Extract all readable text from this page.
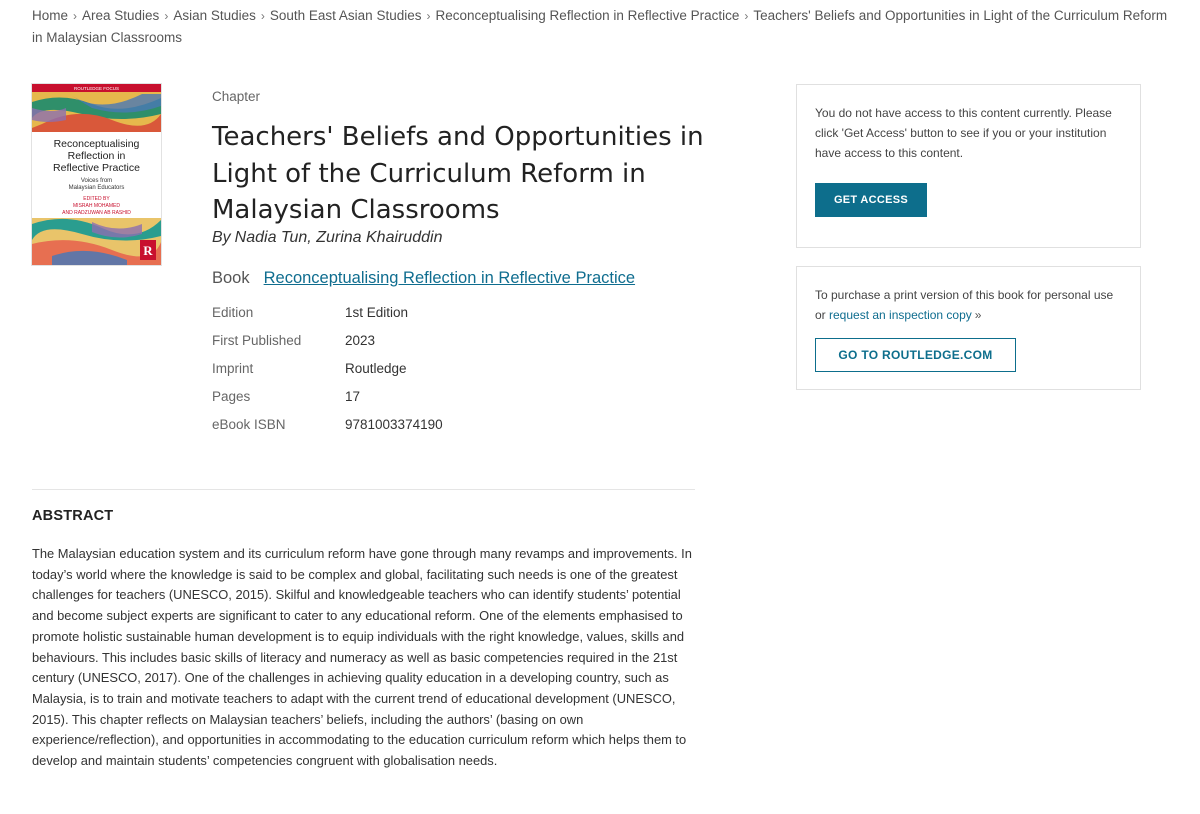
Home › Area Studies › Asian Studies › South East Asian Studies › Reconceptualising Reflection in Reflective Practice › Teachers' Beliefs and Opportunities in Light of the Curriculum Reform in Malaysian Classrooms
ROUTLEDGE FOCUS
Reconceptualising
Reflection in
Reflective Practice
Voices from
Malaysian Educators
EDITED BY
MISRAH MOHAMED
AND RADZUWAN AB RASHID
R
Chapter
Teachers' Beliefs and Opportunities in Light of the Curriculum Reform in Malaysian Classrooms
By Nadia Tun, Zurina Khairuddin
Book Reconceptualising Reflection in Reflective Practice
Edition	1st Edition
First Published	2023
Imprint	Routledge
Pages	17
eBook ISBN	9781003374190
ABSTRACT

The Malaysian education system and its curriculum reform have gone through many revamps and improvements. In today’s world where the knowledge is said to be complex and global, facilitating such needs is one of the greatest challenges for teachers (UNESCO, 2015). Skilful and knowledgeable teachers who can identify students’ potential and become subject experts are significant to cater to any educational reform. One of the elements emphasised to promote holistic sustainable human development is to equip individuals with the right knowledge, values, skills and behaviours. This includes basic skills of literacy and numeracy as well as basic competencies required in the 21st century (UNESCO, 2017). One of the challenges in achieving quality education in a developing country, such as Malaysia, is to train and motivate teachers to adapt with the current trend of educational development (UNESCO, 2015). This chapter reflects on Malaysian teachers’ beliefs, including the authors’ (basing on own experience/reflection), and opportunities in accommodating to the education curriculum reform which helps them to develop and maintain students’ competencies congruent with globalisation needs.

You do not have access to this content currently. Please click 'Get Access' button to see if you or your institution have access to this content.

GET ACCESS

To purchase a print version of this book for personal use or request an inspection copy »

GO TO ROUTLEDGE.COM
